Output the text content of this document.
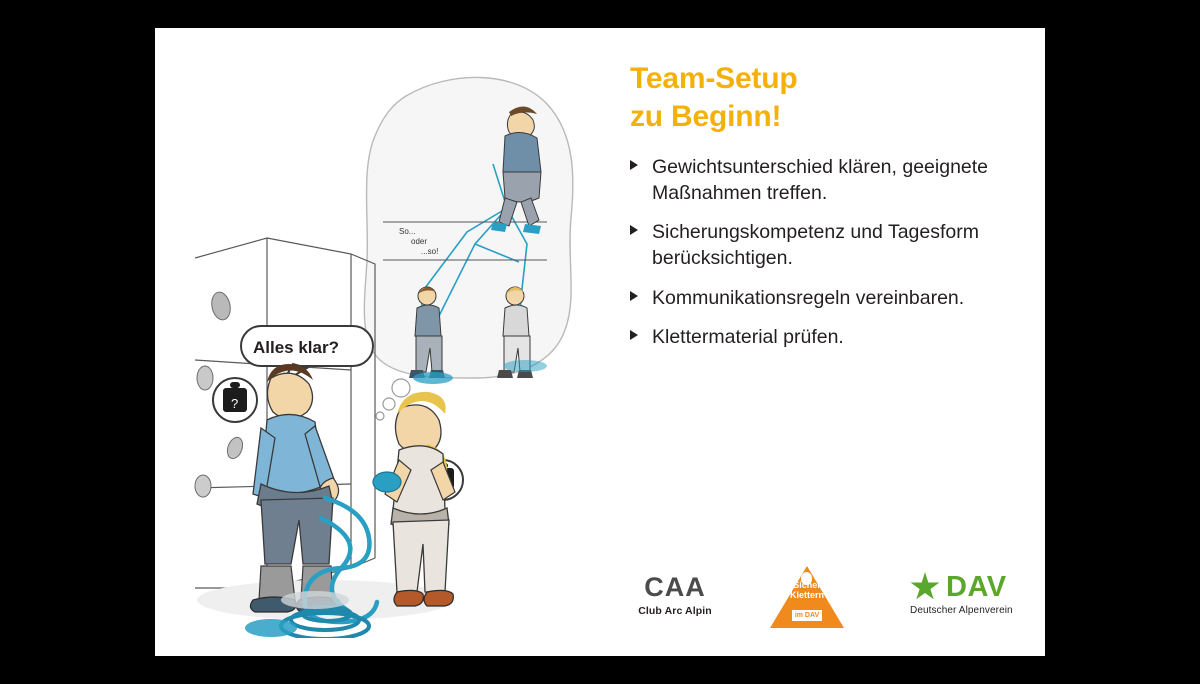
So...
oder
...so!
Alles klar?
?
Team-Setup
zu Beginn!
Gewichtsunterschied klären, geeignete Maßnahmen treffen.
Sicherungskompetenz und Tagesform berücksichtigen.
Kommunikationsregeln vereinbaren.
Klettermaterial prüfen.
CAA
Club Arc Alpin
Sicher
Klettern
im DAV
DAV
Deutscher Alpenverein
